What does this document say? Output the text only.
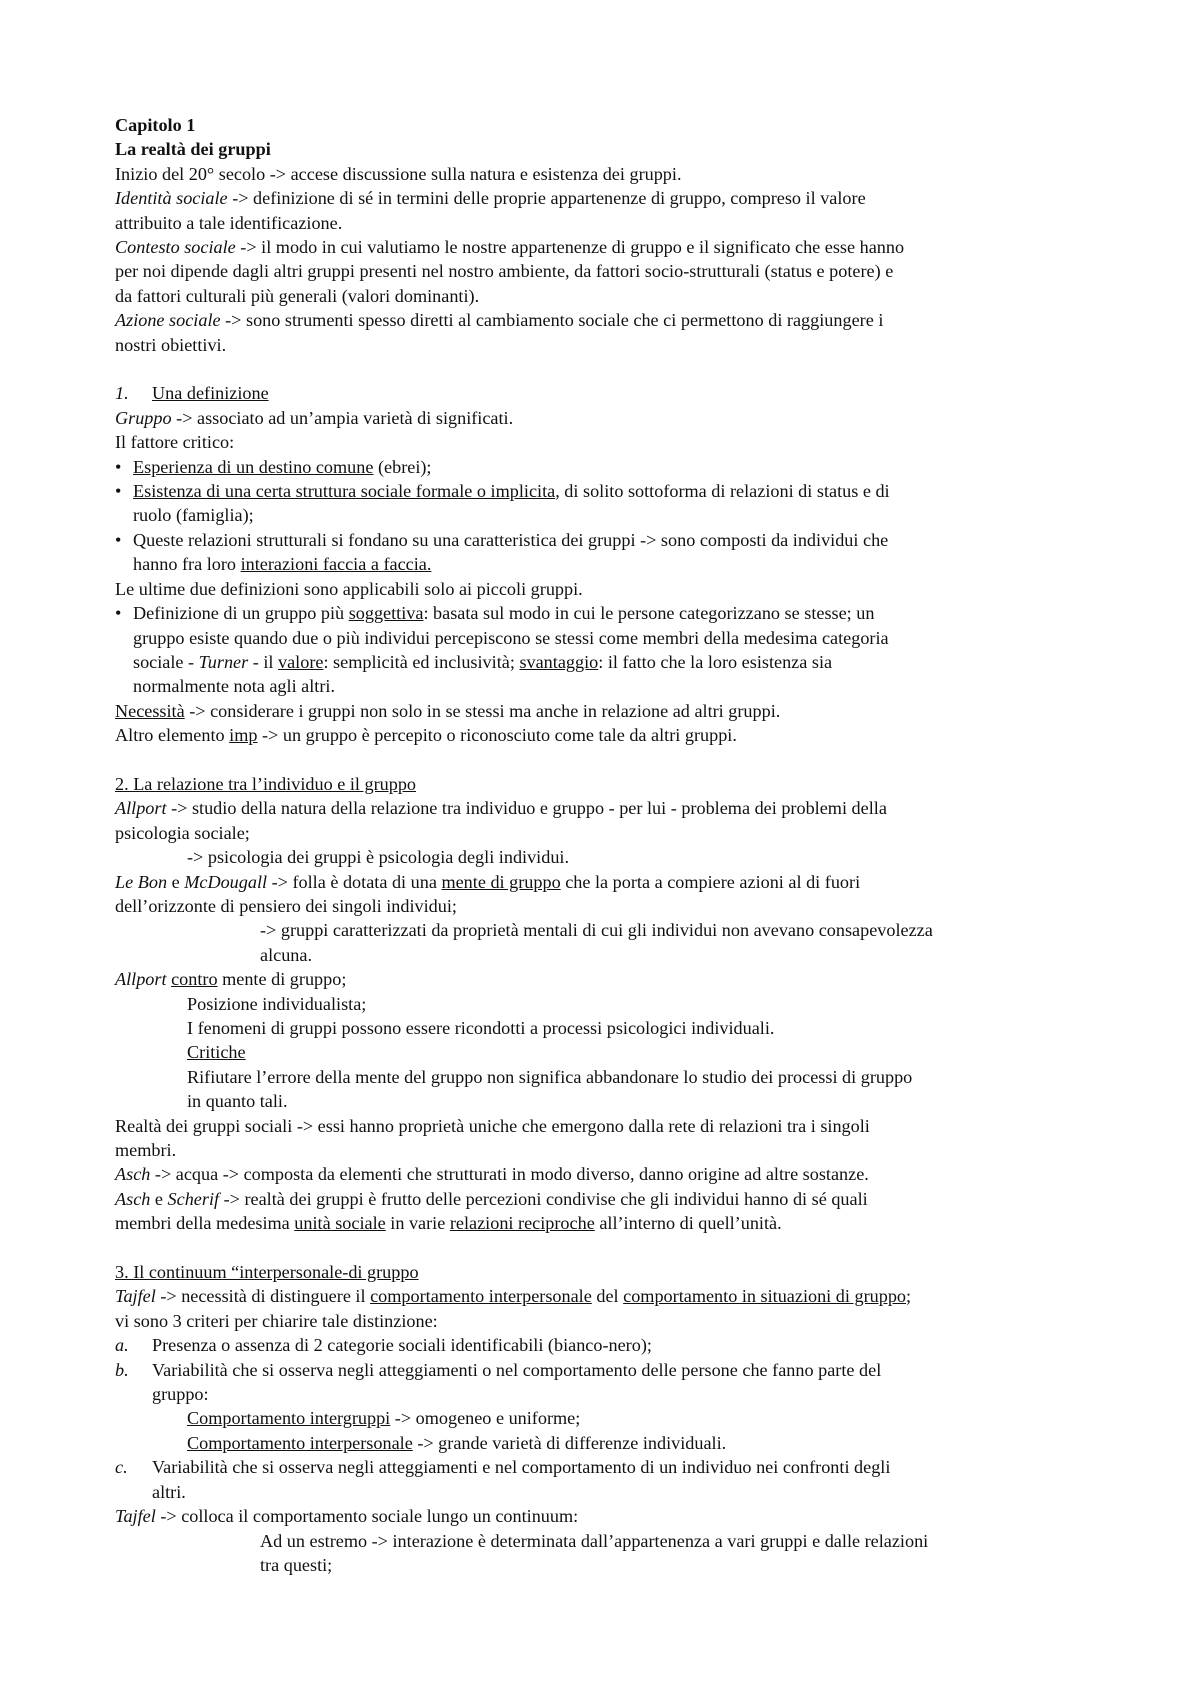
Capitolo 1
La realtà dei gruppi
Inizio del 20° secolo -> accese discussione sulla natura e esistenza dei gruppi.
Identità sociale -> definizione di sé in termini delle proprie appartenenze di gruppo, compreso il valore
attribuito a tale identificazione.
Contesto sociale -> il modo in cui valutiamo le nostre appartenenze di gruppo e il significato che esse hanno
per noi dipende dagli altri gruppi presenti nel nostro ambiente, da fattori socio-strutturali (status e potere) e
da fattori culturali più generali (valori dominanti).
Azione sociale -> sono strumenti spesso diretti al cambiamento sociale che ci permettono di raggiungere i
nostri obiettivi.
1. Una definizione
Gruppo -> associato ad un’ampia varietà di significati.
Il fattore critico:
• Esperienza di un destino comune (ebrei);
• Esistenza di una certa struttura sociale formale o implicita, di solito sottoforma di relazioni di status e di
ruolo (famiglia);
• Queste relazioni strutturali si fondano su una caratteristica dei gruppi -> sono composti da individui che
hanno fra loro interazioni faccia a faccia.
Le ultime due definizioni sono applicabili solo ai piccoli gruppi.
• Definizione di un gruppo più soggettiva: basata sul modo in cui le persone categorizzano se stesse; un
gruppo esiste quando due o più individui percepiscono se stessi come membri della medesima categoria
sociale - Turner - il valore: semplicità ed inclusività; svantaggio: il fatto che la loro esistenza sia
normalmente nota agli altri.
Necessità -> considerare i gruppi non solo in se stessi ma anche in relazione ad altri gruppi.
Altro elemento imp -> un gruppo è percepito o riconosciuto come tale da altri gruppi.
2. La relazione tra l’individuo e il gruppo
Allport -> studio della natura della relazione tra individuo e gruppo - per lui - problema dei problemi della
psicologia sociale;
-> psicologia dei gruppi è psicologia degli individui.
Le Bon e McDougall -> folla è dotata di una mente di gruppo che la porta a compiere azioni al di fuori
dell’orizzonte di pensiero dei singoli individui;
-> gruppi caratterizzati da proprietà mentali di cui gli individui non avevano consapevolezza
alcuna.
Allport contro mente di gruppo;
Posizione individualista;
I fenomeni di gruppi possono essere ricondotti a processi psicologici individuali.
Critiche
Rifiutare l’errore della mente del gruppo non significa abbandonare lo studio dei processi di gruppo
in quanto tali.
Realtà dei gruppi sociali -> essi hanno proprietà uniche che emergono dalla rete di relazioni tra i singoli
membri.
Asch -> acqua -> composta da elementi che strutturati in modo diverso, danno origine ad altre sostanze.
Asch e Scherif -> realtà dei gruppi è frutto delle percezioni condivise che gli individui hanno di sé quali
membri della medesima unità sociale in varie relazioni reciproche all’interno di quell’unità.
3. Il continuum “interpersonale-di gruppo
Tajfel -> necessità di distinguere il comportamento interpersonale del comportamento in situazioni di gruppo;
vi sono 3 criteri per chiarire tale distinzione:
a. Presenza o assenza di 2 categorie sociali identificabili (bianco-nero);
b. Variabilità che si osserva negli atteggiamenti o nel comportamento delle persone che fanno parte del
gruppo:
Comportamento intergruppi -> omogeneo e uniforme;
Comportamento interpersonale -> grande varietà di differenze individuali.
c. Variabilità che si osserva negli atteggiamenti e nel comportamento di un individuo nei confronti degli
altri.
Tajfel -> colloca il comportamento sociale lungo un continuum:
Ad un estremo -> interazione è determinata dall’appartenenza a vari gruppi e dalle relazioni
tra questi;
